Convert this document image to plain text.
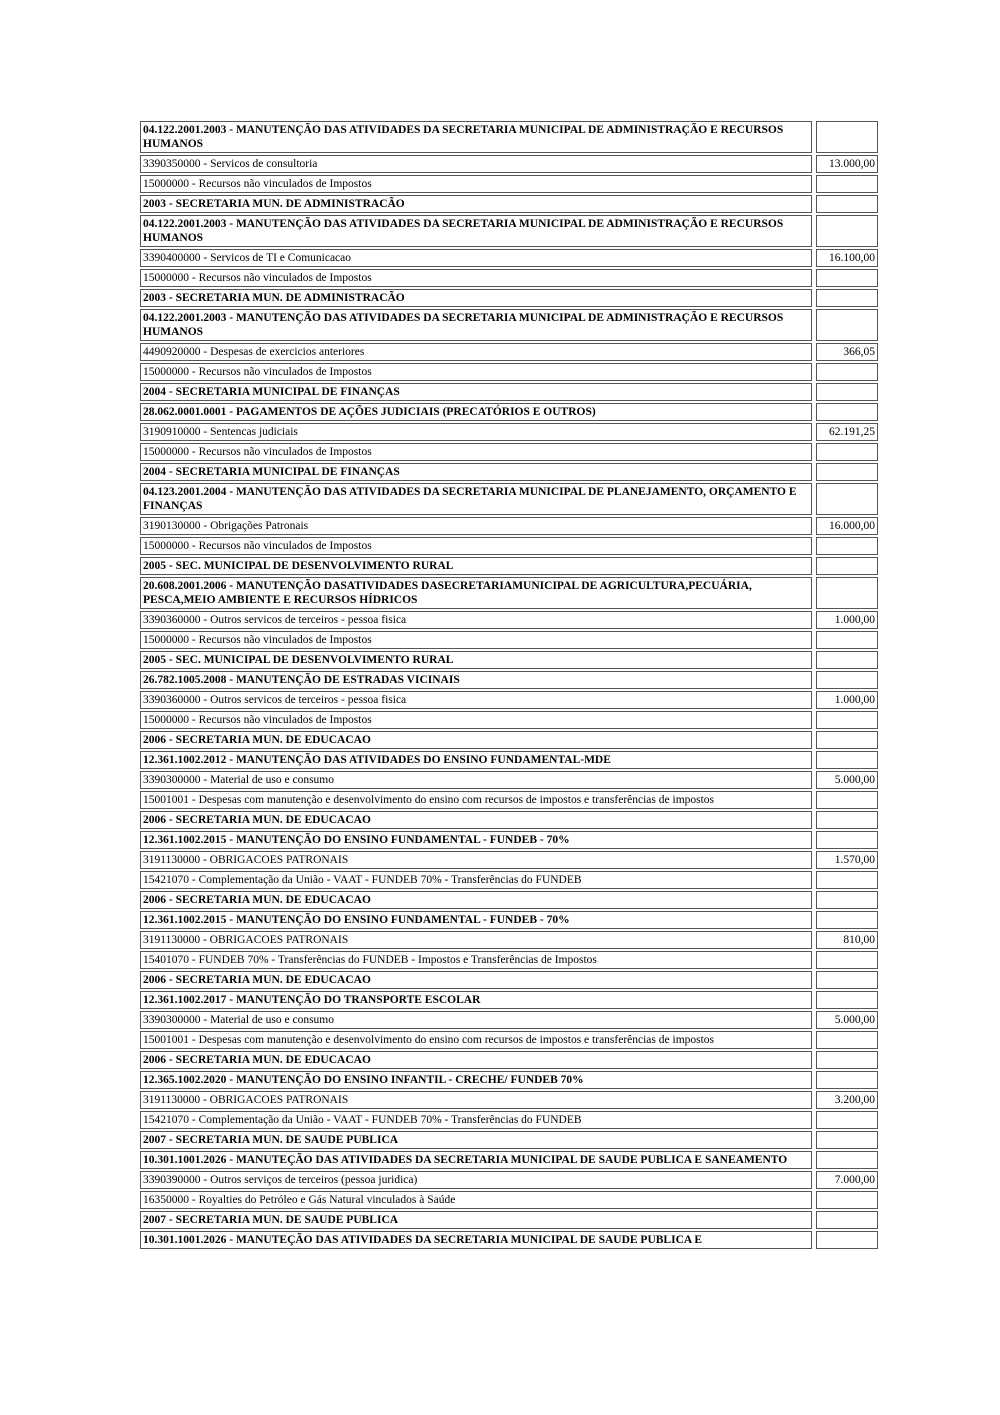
04.122.2001.2003 - MANUTENÇÃO DAS ATIVIDADES DA SECRETARIA MUNICIPAL DE ADMINISTRAÇÃO E RECURSOS HUMANOS		
3390350000 - Servicos de consultoria		13.000,00
15000000 - Recursos não vinculados de Impostos		
2003 - SECRETARIA MUN. DE ADMINISTRACÃO		
04.122.2001.2003 - MANUTENÇÃO DAS ATIVIDADES DA SECRETARIA MUNICIPAL DE ADMINISTRAÇÃO E RECURSOS HUMANOS		
3390400000 - Servicos de TI e Comunicacao		16.100,00
15000000 - Recursos não vinculados de Impostos		
2003 - SECRETARIA MUN. DE ADMINISTRACÃO		
04.122.2001.2003 - MANUTENÇÃO DAS ATIVIDADES DA SECRETARIA MUNICIPAL DE ADMINISTRAÇÃO E RECURSOS HUMANOS		
4490920000 - Despesas de exercicios anteriores		366,05
15000000 - Recursos não vinculados de Impostos		
2004 - SECRETARIA MUNICIPAL DE FINANÇAS		
28.062.0001.0001 - PAGAMENTOS DE AÇÕES JUDICIAIS (PRECATÓRIOS E OUTROS)		
3190910000 - Sentencas judiciais		62.191,25
15000000 - Recursos não vinculados de Impostos		
2004 - SECRETARIA MUNICIPAL DE FINANÇAS		
04.123.2001.2004 - MANUTENÇÃO DAS ATIVIDADES DA SECRETARIA MUNICIPAL DE PLANEJAMENTO, ORÇAMENTO E FINANÇAS		
3190130000 - Obrigações Patronais		16.000,00
15000000 - Recursos não vinculados de Impostos		
2005 - SEC. MUNICIPAL DE DESENVOLVIMENTO RURAL		
20.608.2001.2006 - MANUTENÇÃO DASATIVIDADES DASECRETARIAMUNICIPAL DE AGRICULTURA,PECUÁRIA, PESCA,MEIO AMBIENTE E RECURSOS HÍDRICOS		
3390360000 - Outros servicos de terceiros - pessoa fisica		1.000,00
15000000 - Recursos não vinculados de Impostos		
2005 - SEC. MUNICIPAL DE DESENVOLVIMENTO RURAL		
26.782.1005.2008 - MANUTENÇÃO DE ESTRADAS VICINAIS		
3390360000 - Outros servicos de terceiros - pessoa fisica		1.000,00
15000000 - Recursos não vinculados de Impostos		
2006 - SECRETARIA MUN. DE EDUCACAO		
12.361.1002.2012 - MANUTENÇÃO DAS ATIVIDADES DO ENSINO FUNDAMENTAL-MDE		
3390300000 - Material de uso e consumo		5.000,00
15001001 - Despesas com manutenção e desenvolvimento do ensino com recursos de impostos e transferências de impostos		
2006 - SECRETARIA MUN. DE EDUCACAO		
12.361.1002.2015 - MANUTENÇÃO DO ENSINO FUNDAMENTAL - FUNDEB - 70%		
3191130000 - OBRIGACOES PATRONAIS		1.570,00
15421070 - Complementação da União - VAAT - FUNDEB 70% - Transferências do FUNDEB		
2006 - SECRETARIA MUN. DE EDUCACAO		
12.361.1002.2015 - MANUTENÇÃO DO ENSINO FUNDAMENTAL - FUNDEB - 70%		
3191130000 - OBRIGACOES PATRONAIS		810,00
15401070 - FUNDEB 70% - Transferências do FUNDEB - Impostos e Transferências de Impostos		
2006 - SECRETARIA MUN. DE EDUCACAO		
12.361.1002.2017 - MANUTENÇÃO DO TRANSPORTE ESCOLAR		
3390300000 - Material de uso e consumo		5.000,00
15001001 - Despesas com manutenção e desenvolvimento do ensino com recursos de impostos e transferências de impostos		
2006 - SECRETARIA MUN. DE EDUCACAO		
12.365.1002.2020 - MANUTENÇÃO DO ENSINO INFANTIL - CRECHE/ FUNDEB 70%		
3191130000 - OBRIGACOES PATRONAIS		3.200,00
15421070 - Complementação da União - VAAT - FUNDEB 70% - Transferências do FUNDEB		
2007 - SECRETARIA MUN. DE SAUDE PUBLICA		
10.301.1001.2026 - MANUTEÇÃO DAS ATIVIDADES DA SECRETARIA MUNICIPAL DE SAUDE PUBLICA E SANEAMENTO		
3390390000 - Outros serviços de terceiros (pessoa juridica)		7.000,00
16350000 - Royalties do Petróleo e Gás Natural vinculados à Saúde		
2007 - SECRETARIA MUN. DE SAUDE PUBLICA		
10.301.1001.2026 - MANUTEÇÃO DAS ATIVIDADES DA SECRETARIA MUNICIPAL DE SAUDE PUBLICA E		
